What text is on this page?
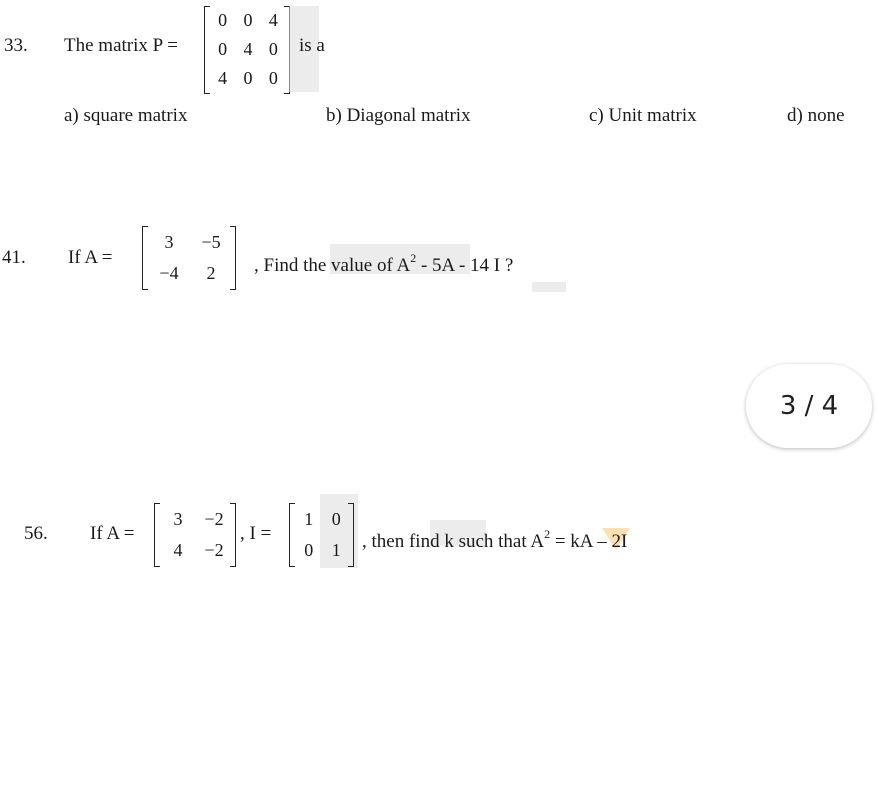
33. The matrix P =
0 0 4
0 4 0
4 0 0
is a
a) square matrix	b) Diagonal matrix	c) Unit matrix	d) none
41. If A =
3 −5
−4 2 , Find the value of $A^2 - 5A - 14$ I ?
3 / 4
56. If A =
3 −2
4 −2
, I =
1 0
0 1 , then find k such that $A^2$ = kA – 2I
